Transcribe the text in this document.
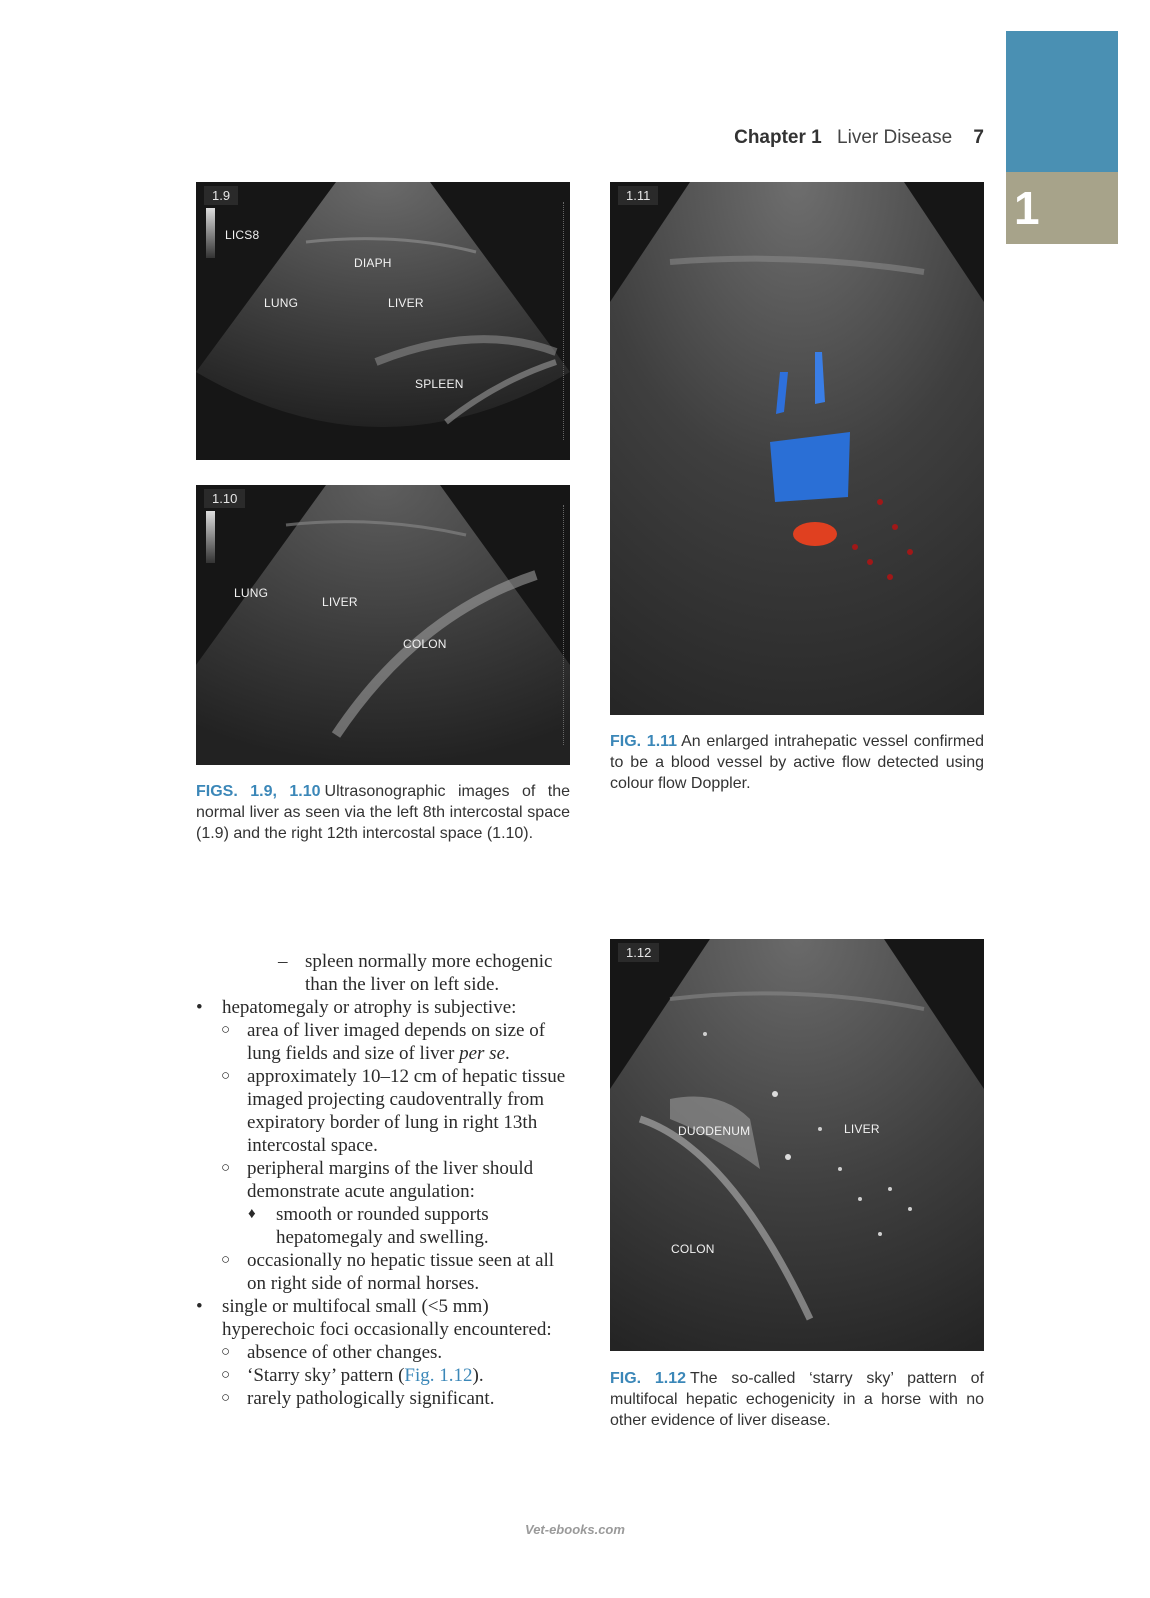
1
Chapter 1 Liver Disease 7
1.9
LICS8
DIAPH
LUNG	LIVER
SPLEEN
1.10
LUNG
LIVER
COLON
FIGS. 1.9, 1.10 Ultrasonographic images of the normal liver as seen via the left 8th intercostal space (1.9) and the right 12th intercostal space (1.10).
1.11
FIG. 1.11 An enlarged intrahepatic vessel confirmed to be a blood vessel by active flow detected using colour flow Doppler.
1.12
DUODENUM	LIVER
COLON
FIG. 1.12 The so-called ‘starry sky’ pattern of multifocal hepatic echogenicity in a horse with no other evidence of liver disease.
– spleen normally more echogenic than the liver on left side.
• hepatomegaly or atrophy is subjective:
○ area of liver imaged depends on size of lung fields and size of liver per se.
○ approximately 10–12 cm of hepatic tissue imaged projecting caudoventrally from expiratory border of lung in right 13th intercostal space.
○ peripheral margins of the liver should demonstrate acute angulation:
♦ smooth or rounded supports hepatomegaly and swelling.
○ occasionally no hepatic tissue seen at all on right side of normal horses.
• single or multifocal small (<5 mm) hyperechoic foci occasionally encountered:
○ absence of other changes.
○ ‘Starry sky’ pattern (Fig. 1.12).
○ rarely pathologically significant.
Vet-ebooks.com
